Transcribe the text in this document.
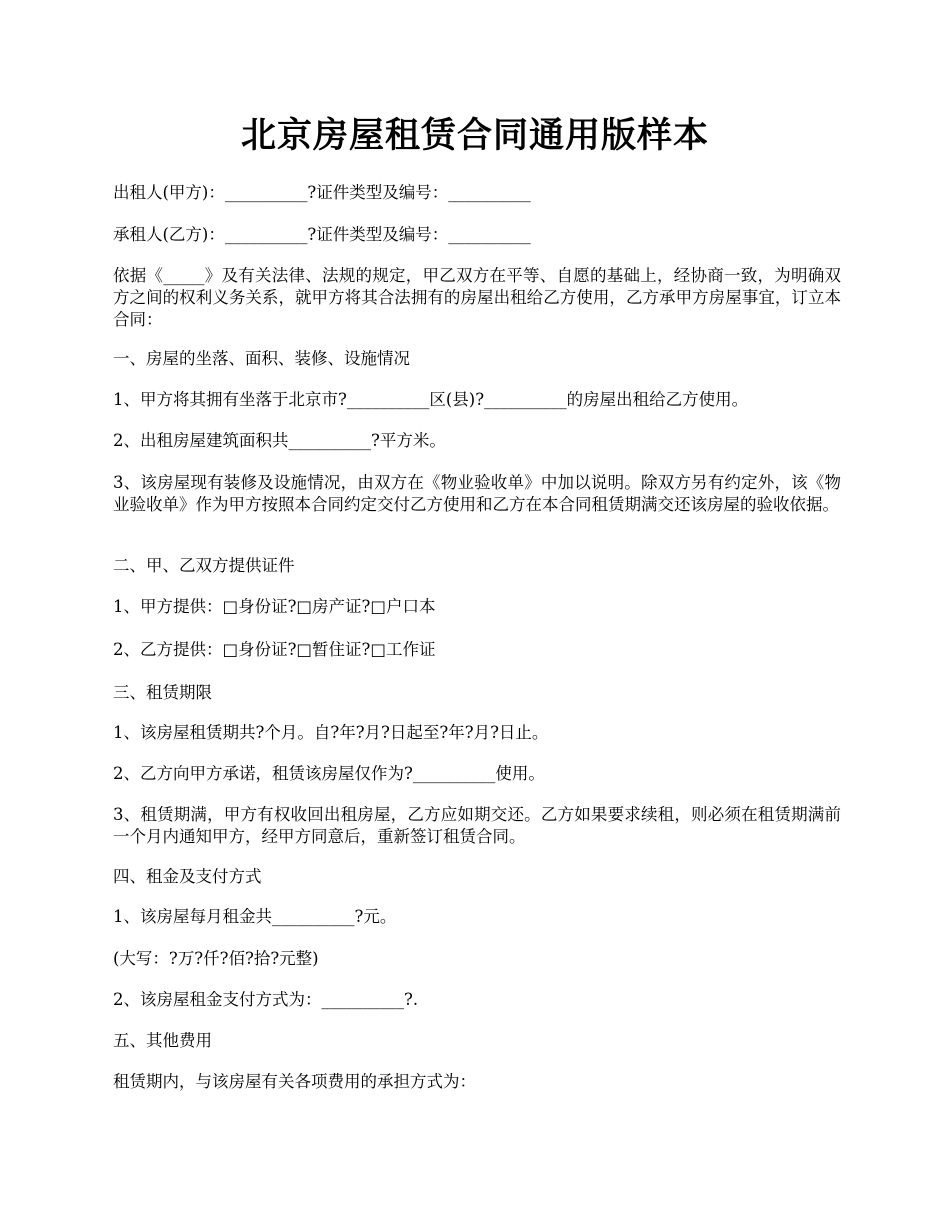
北京房屋租赁合同通用版样本
出租人(甲方)：__________?证件类型及编号：__________
承租人(乙方)：__________?证件类型及编号：__________
依据《_____》及有关法律、法规的规定，甲乙双方在平等、自愿的基础上，经协商一致，为明确双方之间的权利义务关系，就甲方将其合法拥有的房屋出租给乙方使用，乙方承甲方房屋事宜，订立本合同：
一、房屋的坐落、面积、装修、设施情况
1、甲方将其拥有坐落于北京市?__________区(县)?__________的房屋出租给乙方使用。
2、出租房屋建筑面积共__________?平方米。
3、该房屋现有装修及设施情况，由双方在《物业验收单》中加以说明。除双方另有约定外，该《物业验收单》作为甲方按照本合同约定交付乙方使用和乙方在本合同租赁期满交还该房屋的验收依据。
二、甲、乙双方提供证件
1、甲方提供：□身份证?□房产证?□户口本
2、乙方提供：□身份证?□暂住证?□工作证
三、租赁期限
1、该房屋租赁期共?个月。自?年?月?日起至?年?月?日止。
2、乙方向甲方承诺，租赁该房屋仅作为?__________使用。
3、租赁期满，甲方有权收回出租房屋，乙方应如期交还。乙方如果要求续租，则必须在租赁期满前一个月内通知甲方，经甲方同意后，重新签订租赁合同。
四、租金及支付方式
1、该房屋每月租金共__________?元。
(大写：?万?仟?佰?拾?元整)
2、该房屋租金支付方式为：__________?.
五、其他费用
租赁期内，与该房屋有关各项费用的承担方式为：
